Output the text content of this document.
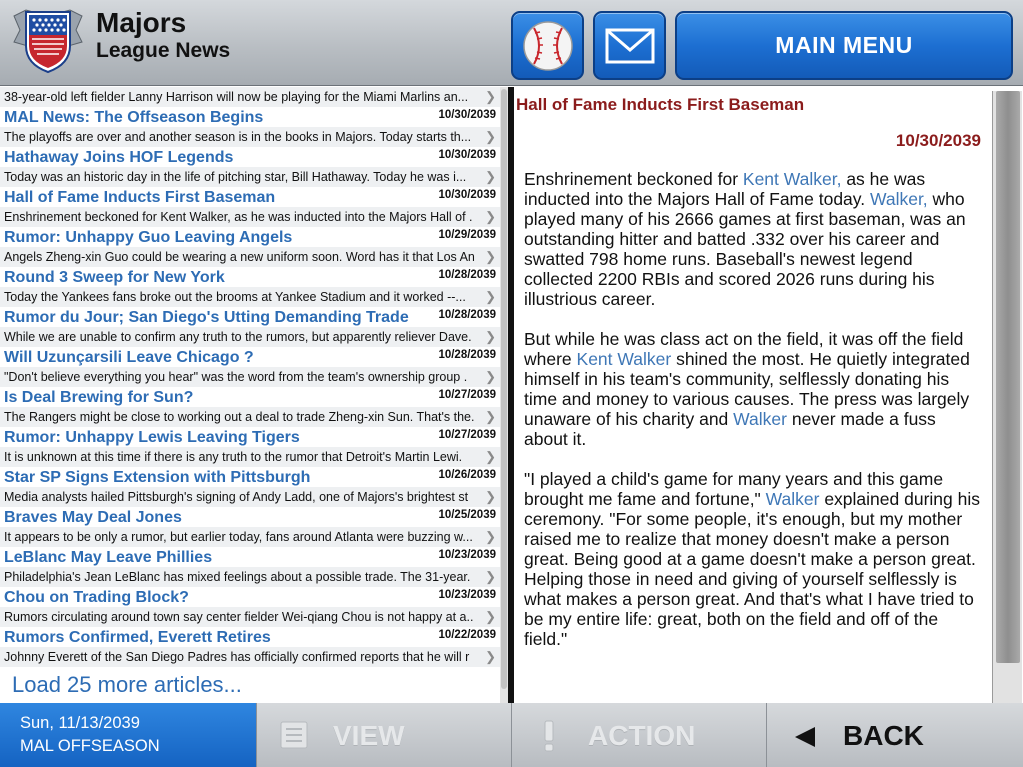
Majors
League News	MAIN MENU
38-year-old left fielder Lanny Harrison will now be playing for the Miami Marlins an... ❯
MAL News: The Offseason Begins	10/30/2039
The playoffs are over and another season is in the books in Majors. Today starts th... ❯
Hathaway Joins HOF Legends	10/30/2039
Today was an historic day in the life of pitching star, Bill Hathaway. Today he was i... ❯
Hall of Fame Inducts First Baseman	10/30/2039
Enshrinement beckoned for Kent Walker, as he was inducted into the Majors Hall of . ❯
Rumor: Unhappy Guo Leaving Angels	10/29/2039
Angels Zheng-xin Guo could be wearing a new uniform soon. Word has it that Los An ❯
Round 3 Sweep for New York	10/28/2039
Today the Yankees fans broke out the brooms at Yankee Stadium and it worked --... ❯
Rumor du Jour; San Diego's Utting Demanding Trade	10/28/2039
While we are unable to confirm any truth to the rumors, but apparently reliever Dave. ❯
Will Uzunçarsili Leave Chicago ?	10/28/2039
"Don't believe everything you hear" was the word from the team's ownership group . ❯
Is Deal Brewing for Sun?	10/27/2039
The Rangers might be close to working out a deal to trade Zheng-xin Sun. That's the. ❯
Rumor: Unhappy Lewis Leaving Tigers	10/27/2039
It is unknown at this time if there is any truth to the rumor that Detroit's Martin Lewi. ❯
Star SP Signs Extension with Pittsburgh	10/26/2039
Media analysts hailed Pittsburgh's signing of Andy Ladd, one of Majors's brightest st ❯
Braves May Deal Jones	10/25/2039
It appears to be only a rumor, but earlier today, fans around Atlanta were buzzing w... ❯
LeBlanc May Leave Phillies	10/23/2039
Philadelphia's Jean LeBlanc has mixed feelings about a possible trade. The 31-year. ❯
Chou on Trading Block?	10/23/2039
Rumors circulating around town say center fielder Wei-qiang Chou is not happy at a.. ❯
Rumors Confirmed, Everett Retires	10/22/2039
Johnny Everett of the San Diego Padres has officially confirmed reports that he will r ❯
Load 25 more articles...
Hall of Fame Inducts First Baseman
10/30/2039

Enshrinement beckoned for Kent Walker, as he was inducted into the Majors Hall of Fame today. Walker, who played many of his 2666 games at first baseman, was an outstanding hitter and batted .332 over his career and swatted 798 home runs. Baseball's newest legend collected 2200 RBIs and scored 2026 runs during his illustrious career.

But while he was class act on the field, it was off the field where Kent Walker shined the most. He quietly integrated himself in his team's community, selflessly donating his time and money to various causes. The press was largely unaware of his charity and Walker never made a fuss about it.

"I played a child's game for many years and this game brought me fame and fortune," Walker explained during his ceremony. "For some people, it's enough, but my mother raised me to realize that money doesn't make a person great. Being good at a game doesn't make a person great. Helping those in need and giving of yourself selflessly is what makes a person great. And that's what I have tried to be my entire life: great, both on the field and off of the field."

Sun, 11/13/2039
MAL OFFSEASON	VIEW	ACTION	BACK
